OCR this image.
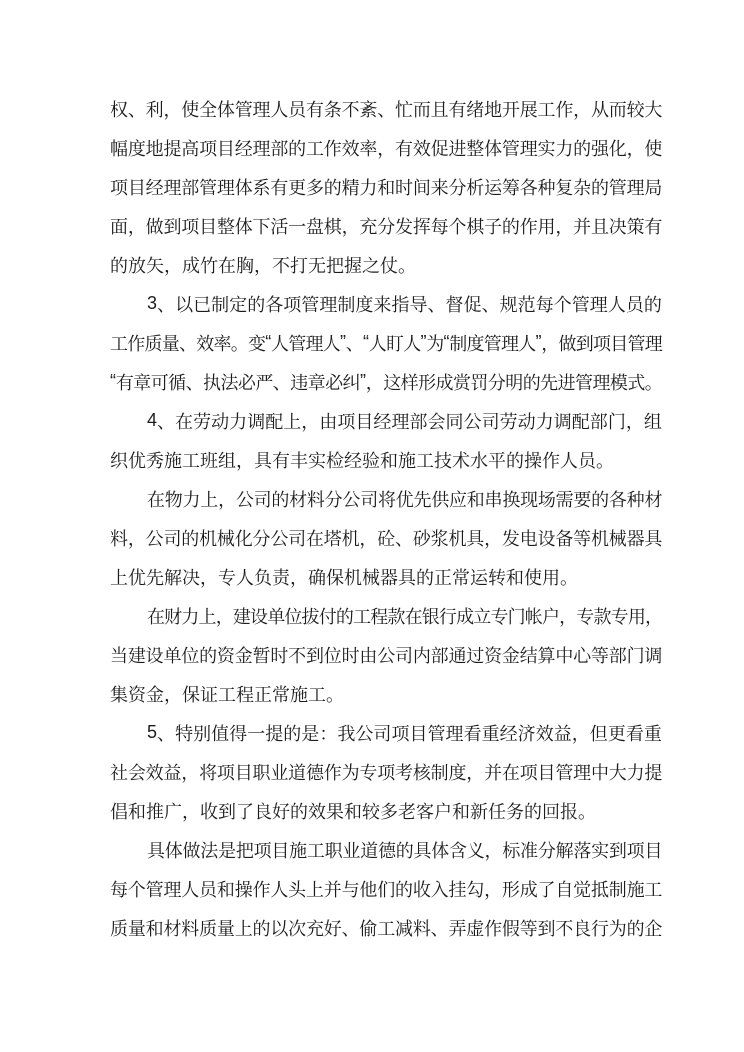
权 、 利 ， 使 全 体 管 理 人 员 有 条 不 紊 、 忙 而 且 有 绪 地 开 展 工 作 ， 从 而 较 大
幅 度 地 提 高 项 目 经 理 部 的 工 作 效 率 ， 有 效 促 进 整 体 管 理 实 力 的 强 化 ， 使
项 目 经 理 部 管 理 体 系 有 更 多 的 精 力 和 时 间 来 分 析 运 筹 各 种 复 杂 的 管 理 局
面 ， 做 到 项 目 整 体 下 活 一 盘 棋 ， 充 分 发 挥 每 个 棋 子 的 作 用 ， 并 且 决 策 有
的 放 矢 ， 成 竹 在 胸 ， 不 打 无 把 握 之 仗 。
3 、 以 已 制 定 的 各 项 管 理 制 度 来 指 导 、 督 促 、 规 范 每 个 管 理 人 员 的
工 作 质 量 、 效 率 。 变 “ 人 管 理 人 ” 、 “ 人 盯 人 ” 为 “ 制 度 管 理 人 ” ， 做 到 项 目 管 理
“ 有 章 可 循 、 执 法 必 严 、 违 章 必 纠 ” ， 这 样 形 成 赏 罚 分 明 的 先 进 管 理 模 式 。
4 、 在 劳 动 力 调 配 上 ， 由 项 目 经 理 部 会 同 公 司 劳 动 力 调 配 部 门 ， 组
织 优 秀 施 工 班 组 ， 具 有 丰 实 检 经 验 和 施 工 技 术 水 平 的 操 作 人 员 。
在 物 力 上 ， 公 司 的 材 料 分 公 司 将 优 先 供 应 和 串 换 现 场 需 要 的 各 种 材
料 ， 公 司 的 机 械 化 分 公 司 在 塔 机 ， 砼 、 砂 浆 机 具 ， 发 电 设 备 等 机 械 器 具
上 优 先 解 决 ， 专 人 负 责 ， 确 保 机 械 器 具 的 正 常 运 转 和 使 用 。
在 财 力 上 ， 建 设 单 位 拔 付 的 工 程 款 在 银 行 成 立 专 门 帐 户 ， 专 款 专 用 ，
当 建 设 单 位 的 资 金 暂 时 不 到 位 时 由 公 司 内 部 通 过 资 金 结 算 中 心 等 部 门 调
集 资 金 ， 保 证 工 程 正 常 施 工 。
5 、 特 别 值 得 一 提 的 是 ： 我 公 司 项 目 管 理 看 重 经 济 效 益 ， 但 更 看 重
社 会 效 益 ， 将 项 目 职 业 道 德 作 为 专 项 考 核 制 度 ， 并 在 项 目 管 理 中 大 力 提
倡 和 推 广 ， 收 到 了 良 好 的 效 果 和 较 多 老 客 户 和 新 任 务 的 回 报 。
具 体 做 法 是 把 项 目 施 工 职 业 道 德 的 具 体 含 义 ， 标 准 分 解 落 实 到 项 目
每 个 管 理 人 员 和 操 作 人 头 上 并 与 他 们 的 收 入 挂 勾 ， 形 成 了 自 觉 抵 制 施 工
质 量 和 材 料 质 量 上 的 以 次 充 好 、 偷 工 减 料 、 弄 虚 作 假 等 到 不 良 行 为 的 企
